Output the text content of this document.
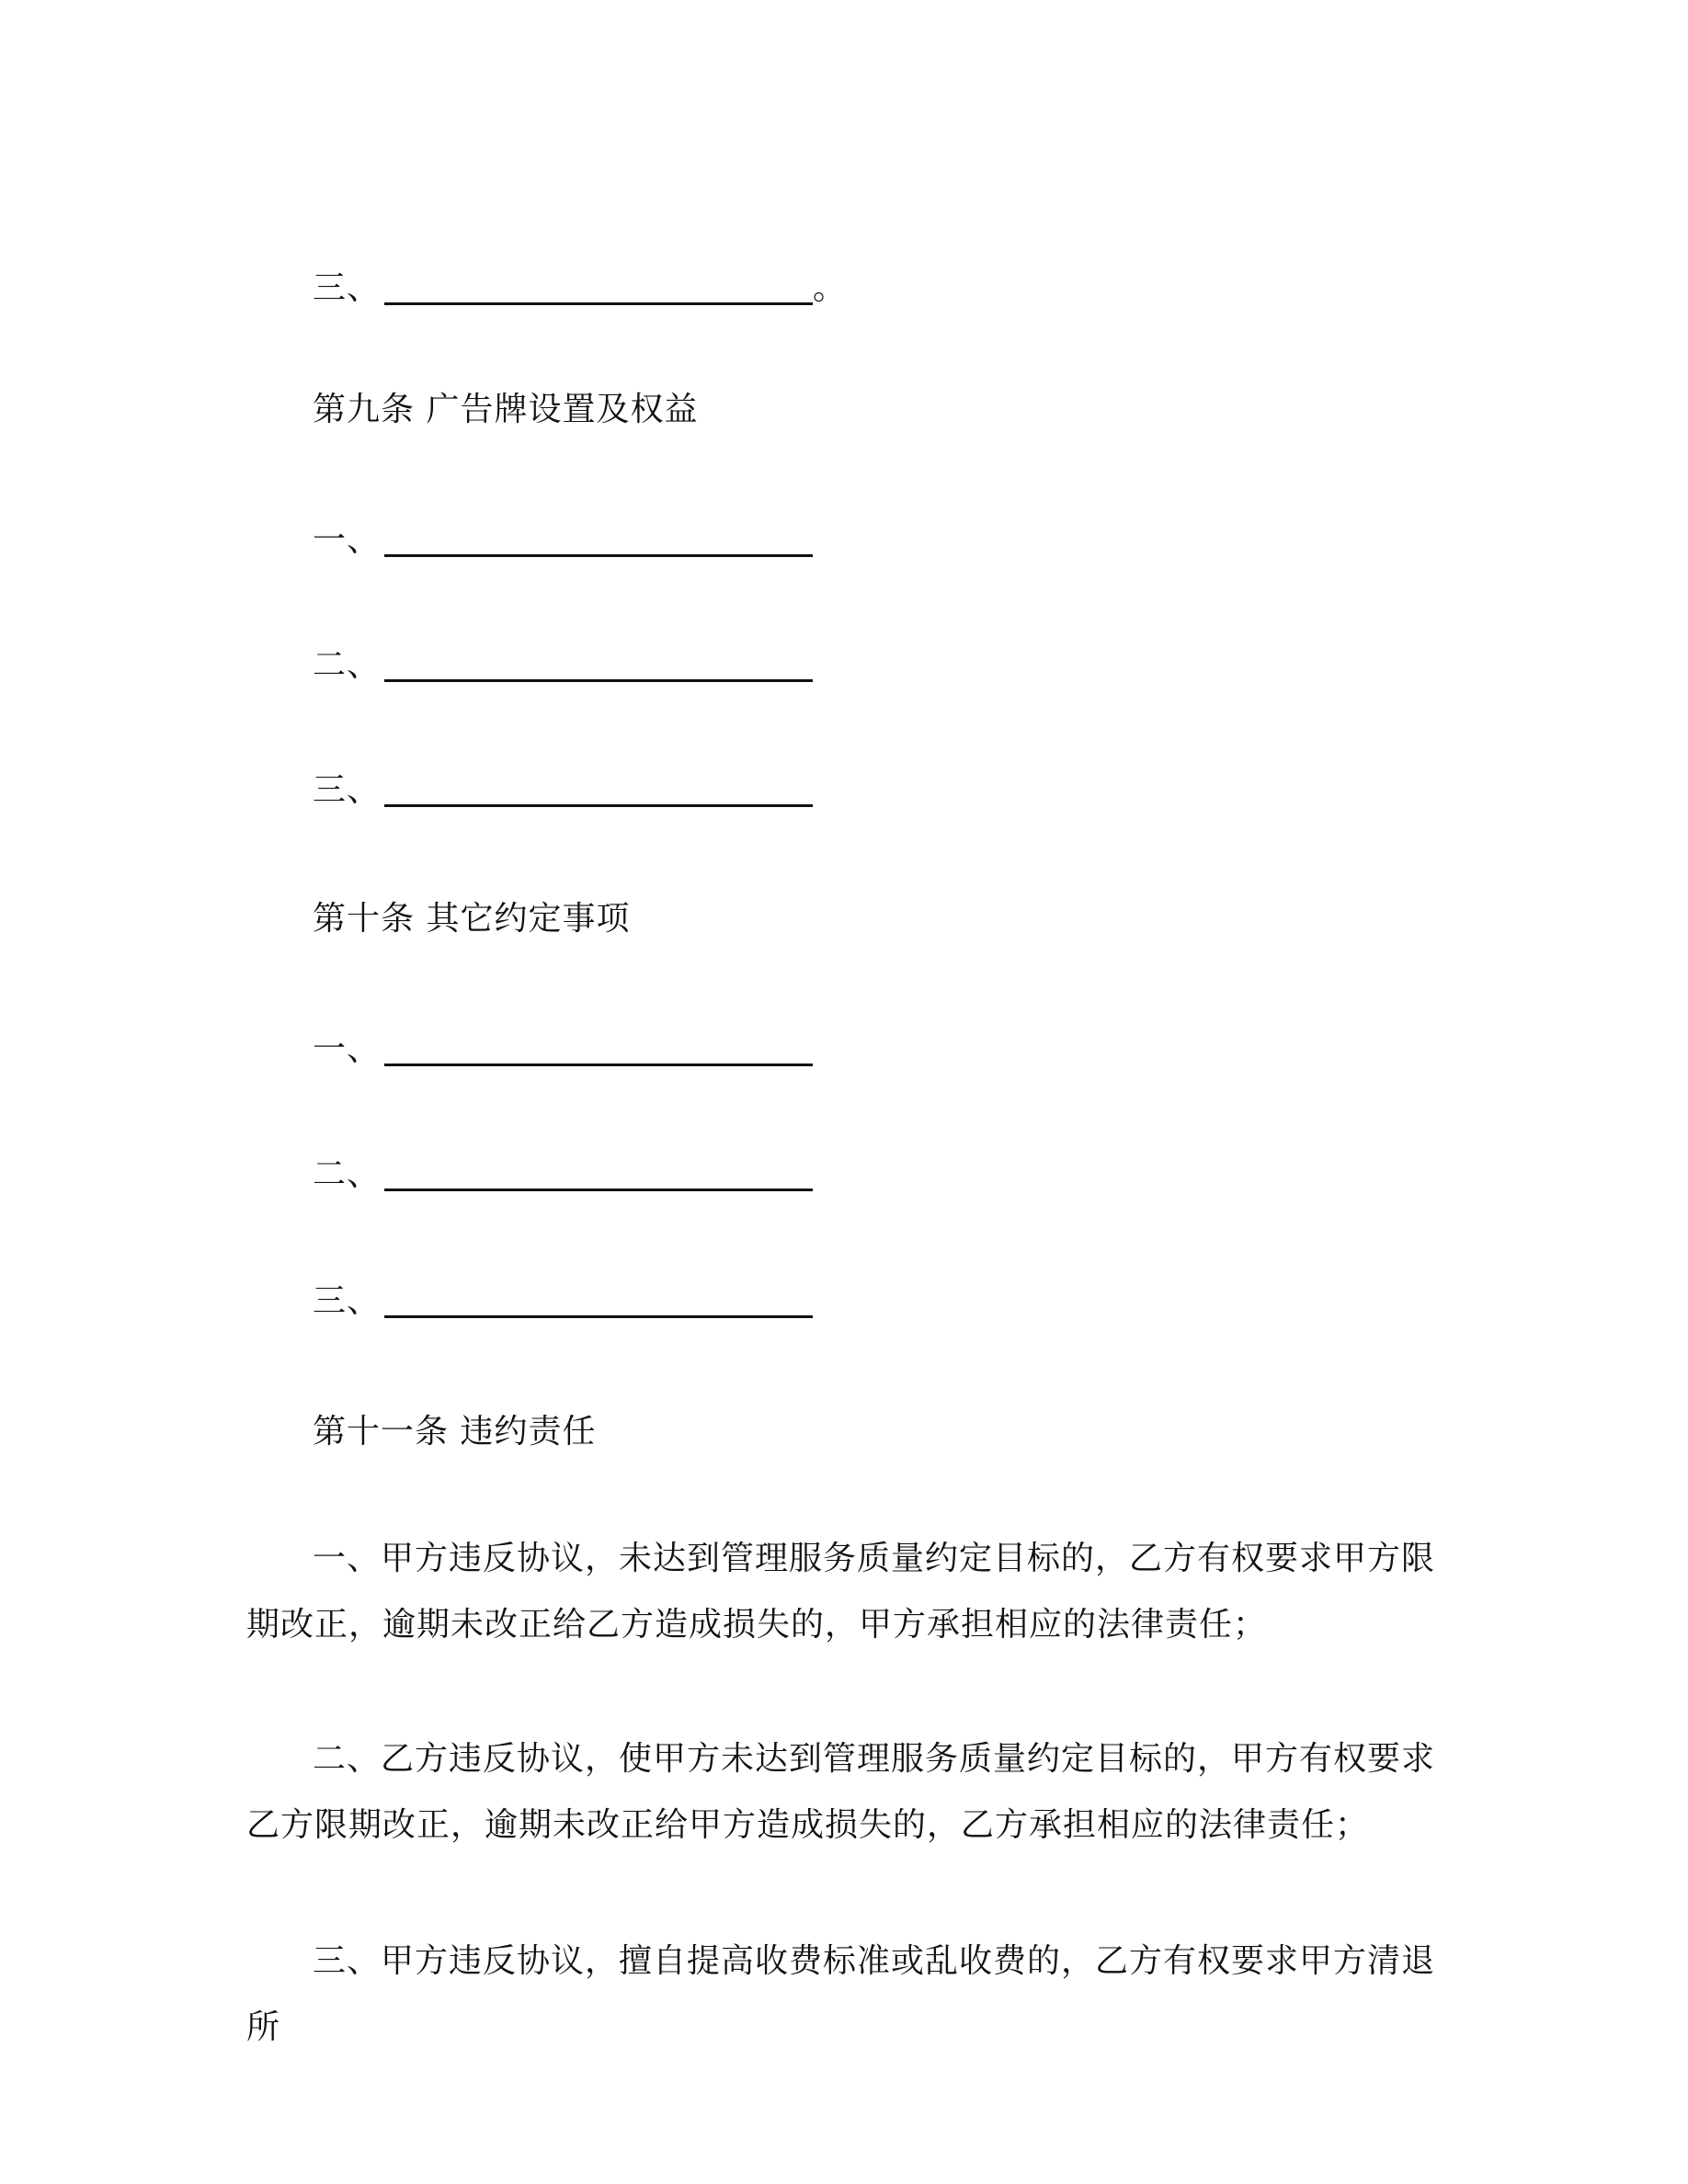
三、	。
第九条 广告牌设置及权益
一、
二、
三、
第十条 其它约定事项
一、
二、
三、
第十一条 违约责任

一、甲方违反协议，未达到管理服务质量约定目标的，乙方有权要求甲方限期改正，逾期未改正给乙方造成损失的，甲方承担相应的法律责任；

二、乙方违反协议，使甲方未达到管理服务质量约定目标的，甲方有权要求乙方限期改正，逾期未改正给甲方造成损失的，乙方承担相应的法律责任；

三、甲方违反协议，擅自提高收费标准或乱收费的，乙方有权要求甲方清退所
